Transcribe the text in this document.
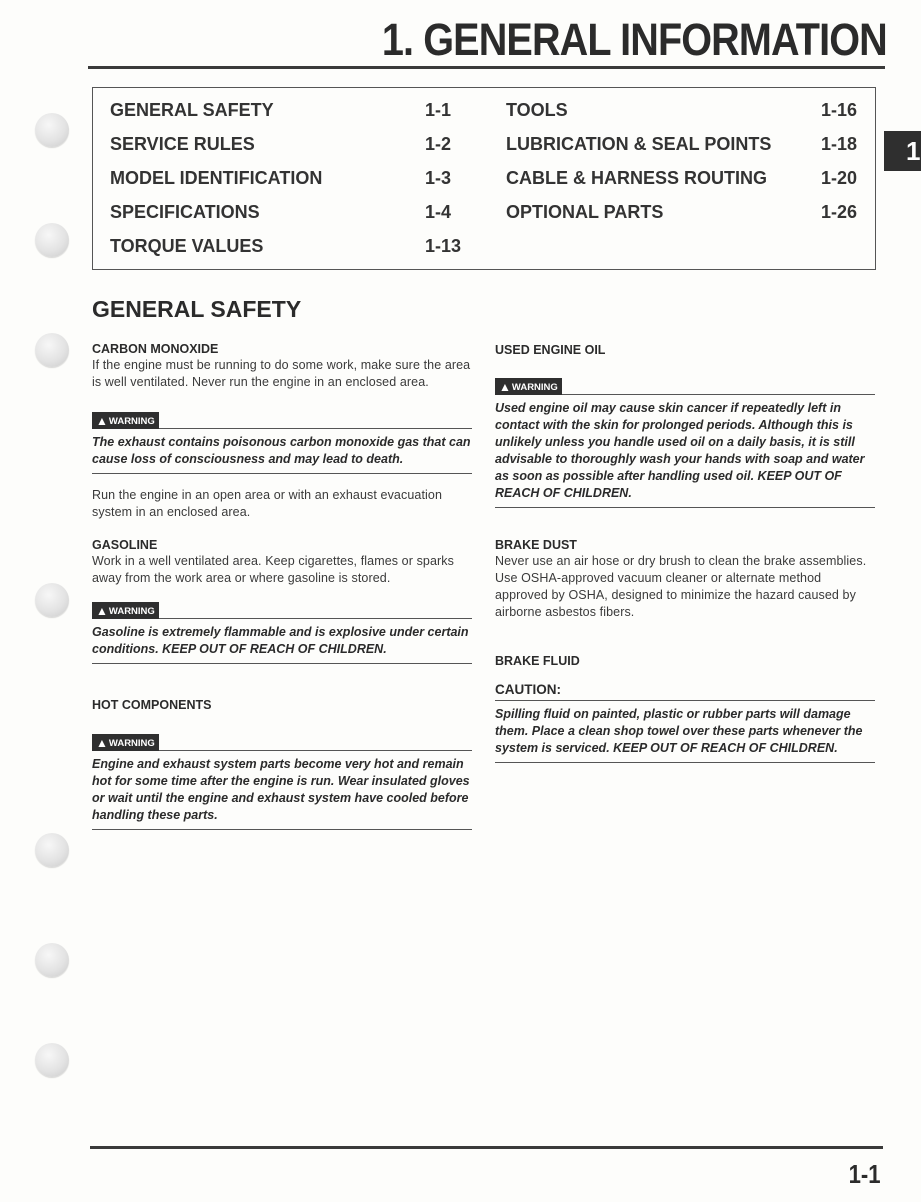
1. GENERAL INFORMATION
GENERAL SAFETY	1-1
SERVICE RULES	1-2
MODEL IDENTIFICATION	1-3
SPECIFICATIONS	1-4
TORQUE VALUES	1-13
TOOLS	1-16
LUBRICATION & SEAL POINTS	1-18
CABLE & HARNESS ROUTING	1-20
OPTIONAL PARTS	1-26
1
GENERAL SAFETY
CARBON MONOXIDE
If the engine must be running to do some work, make sure the area is well ventilated. Never run the engine in an enclosed area.
▲ WARNING
The exhaust contains poisonous carbon monoxide gas that can cause loss of consciousness and may lead to death.
Run the engine in an open area or with an exhaust evacuation system in an enclosed area.
GASOLINE
Work in a well ventilated area. Keep cigarettes, flames or sparks away from the work area or where gasoline is stored.
▲ WARNING
Gasoline is extremely flammable and is explosive under certain conditions. KEEP OUT OF REACH OF CHILDREN.
HOT COMPONENTS
▲ WARNING
Engine and exhaust system parts become very hot and remain hot for some time after the engine is run. Wear insulated gloves or wait until the engine and exhaust system have cooled before handling these parts.
USED ENGINE OIL
▲ WARNING
Used engine oil may cause skin cancer if repeatedly left in contact with the skin for prolonged periods. Although this is unlikely unless you handle used oil on a daily basis, it is still advisable to thoroughly wash your hands with soap and water as soon as possible after handling used oil. KEEP OUT OF REACH OF CHILDREN.
BRAKE DUST
Never use an air hose or dry brush to clean the brake assemblies. Use OSHA-approved vacuum cleaner or alternate method approved by OSHA, designed to minimize the hazard caused by airborne asbestos fibers.
BRAKE FLUID
CAUTION:
Spilling fluid on painted, plastic or rubber parts will damage them. Place a clean shop towel over these parts whenever the system is serviced. KEEP OUT OF REACH OF CHILDREN.
1-1
